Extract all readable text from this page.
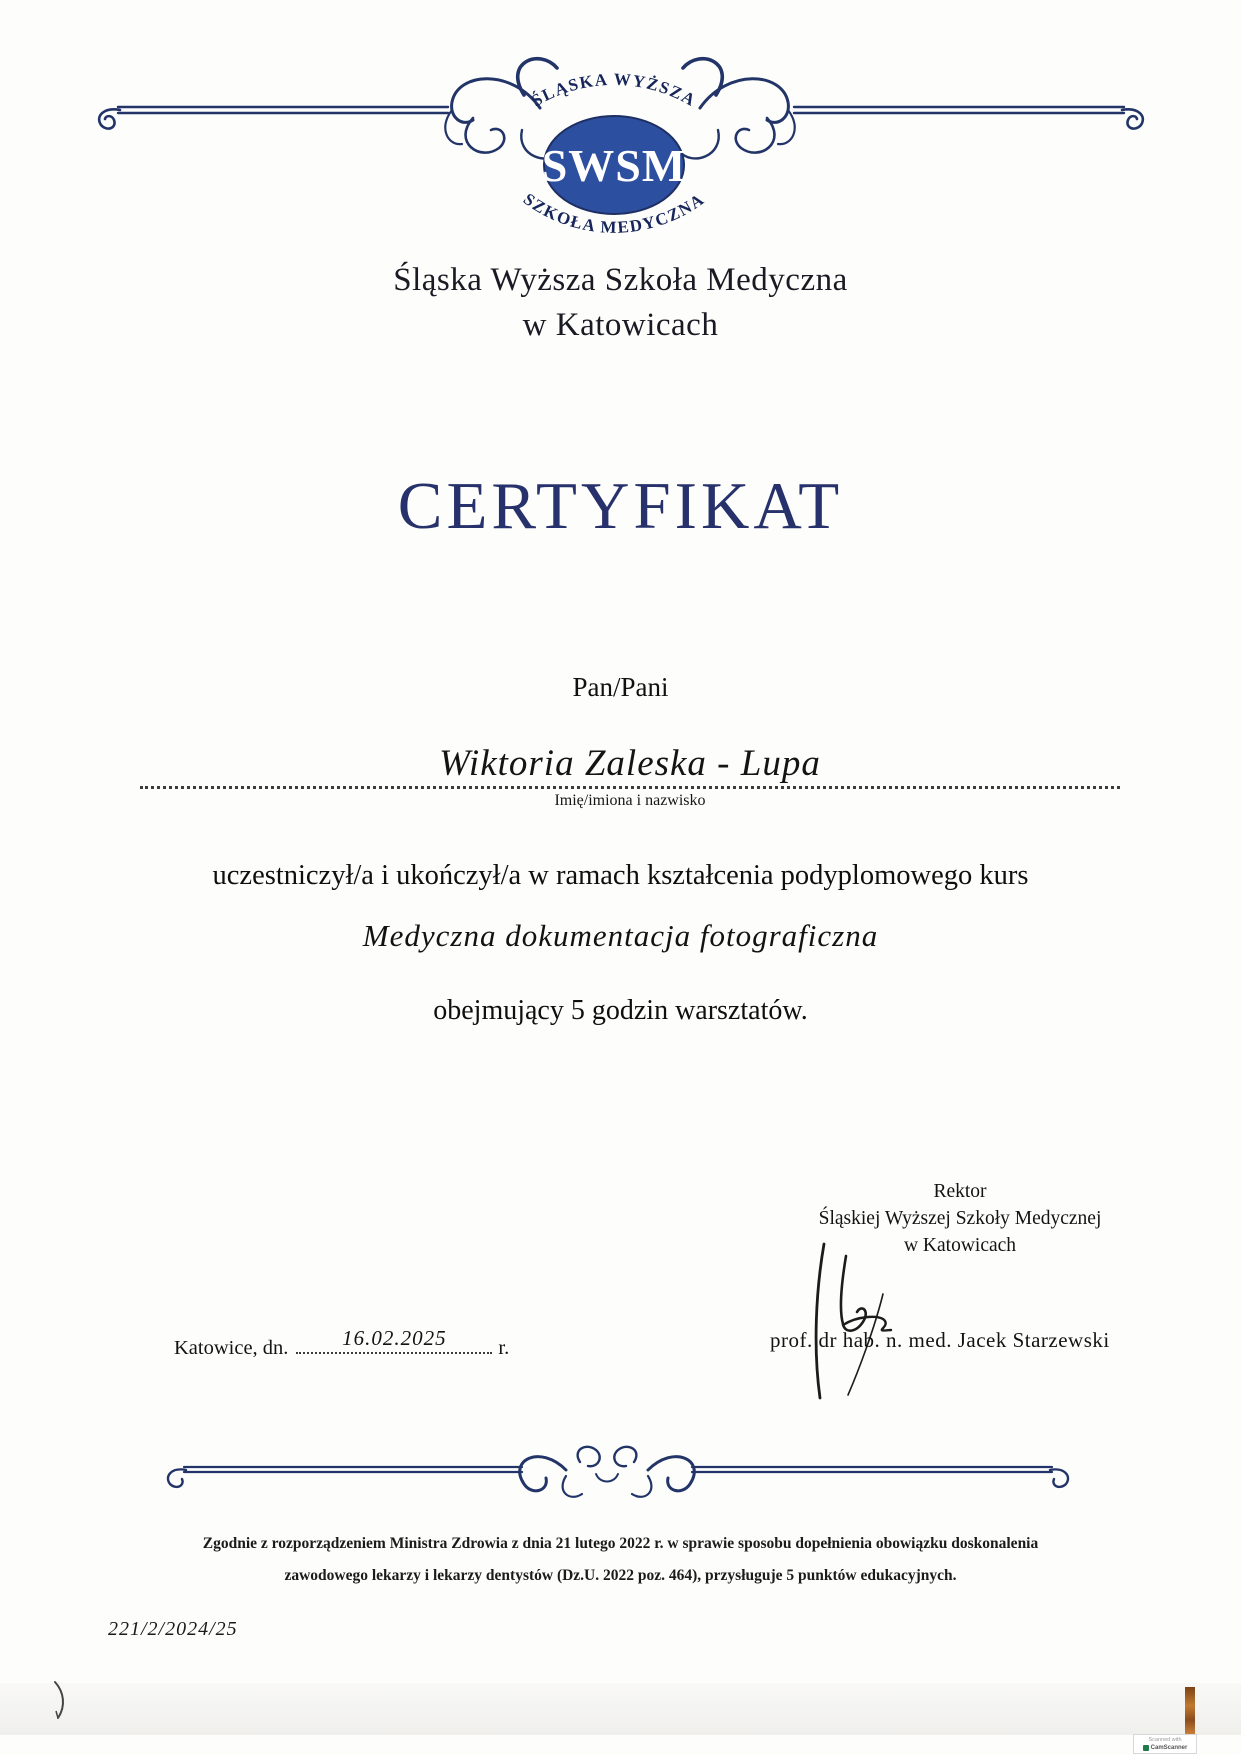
SWSM
ŚLĄSKA WYŻSZA
SZKOŁA MEDYCZNA
Śląska Wyższa Szkoła Medyczna
w Katowicach
CERTYFIKAT
Pan/Pani
Wiktoria Zaleska - Lupa
Imię/imiona i nazwisko
uczestniczył/a i ukończył/a w ramach kształcenia podyplomowego kurs
Medyczna dokumentacja fotograficzna
obejmujący 5 godzin warsztatów.
Rektor
Śląskiej Wyższej Szkoły Medycznej
w Katowicach
prof. dr hab. n. med. Jacek Starzewski
Katowice, dn.	16.02.2025	r.
Zgodnie z rozporządzeniem Ministra Zdrowia z dnia 21 lutego 2022 r. w sprawie sposobu dopełnienia obowiązku doskonalenia
zawodowego lekarzy i lekarzy dentystów (Dz.U. 2022 poz. 464), przysługuje 5 punktów edukacyjnych.
221/2/2024/25
Scanned with
CamScanner
